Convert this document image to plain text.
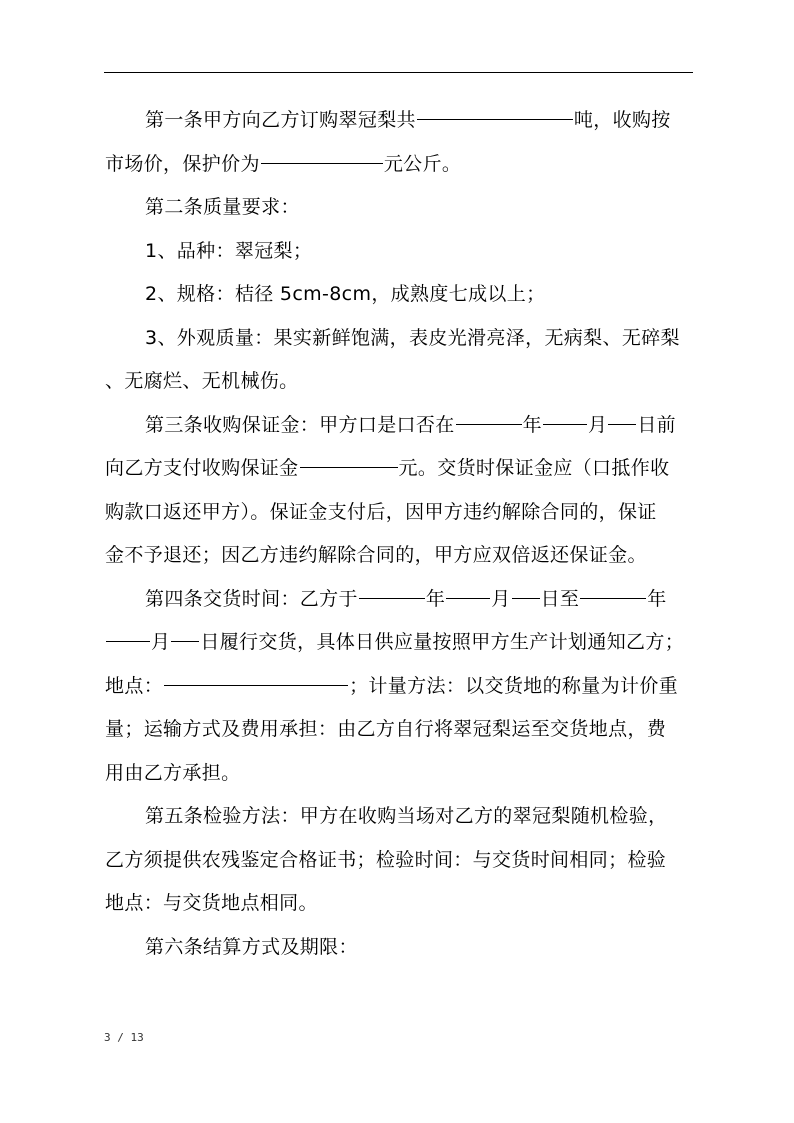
第一条甲方向乙方订购翠冠梨共	吨，收购按
市场价，保护价为	元公斤。
第二条质量要求：
1、品种：翠冠梨；
2、规格：桔径 5cm-8cm，成熟度七成以上；
3、外观质量：果实新鲜饱满，表皮光滑亮泽，无病梨、无碎梨
、无腐烂、无机械伤。
第三条收购保证金：甲方口是口否在	年 月 日前
向乙方支付收购保证金	元。交货时保证金应（口抵作收
购款口返还甲方）。保证金支付后，因甲方违约解除合同的，保证
金不予退还；因乙方违约解除合同的，甲方应双倍返还保证金。
第四条交货时间：乙方于	年 月 日至	年
月 日履行交货，具体日供应量按照甲方生产计划通知乙方；
地点：	；计量方法：以交货地的称量为计价重
量；运输方式及费用承担：由乙方自行将翠冠梨运至交货地点，费
用由乙方承担。
第五条检验方法：甲方在收购当场对乙方的翠冠梨随机检验，
乙方须提供农残鉴定合格证书；检验时间：与交货时间相同；检验
地点：与交货地点相同。
第六条结算方式及期限：
3 / 13
